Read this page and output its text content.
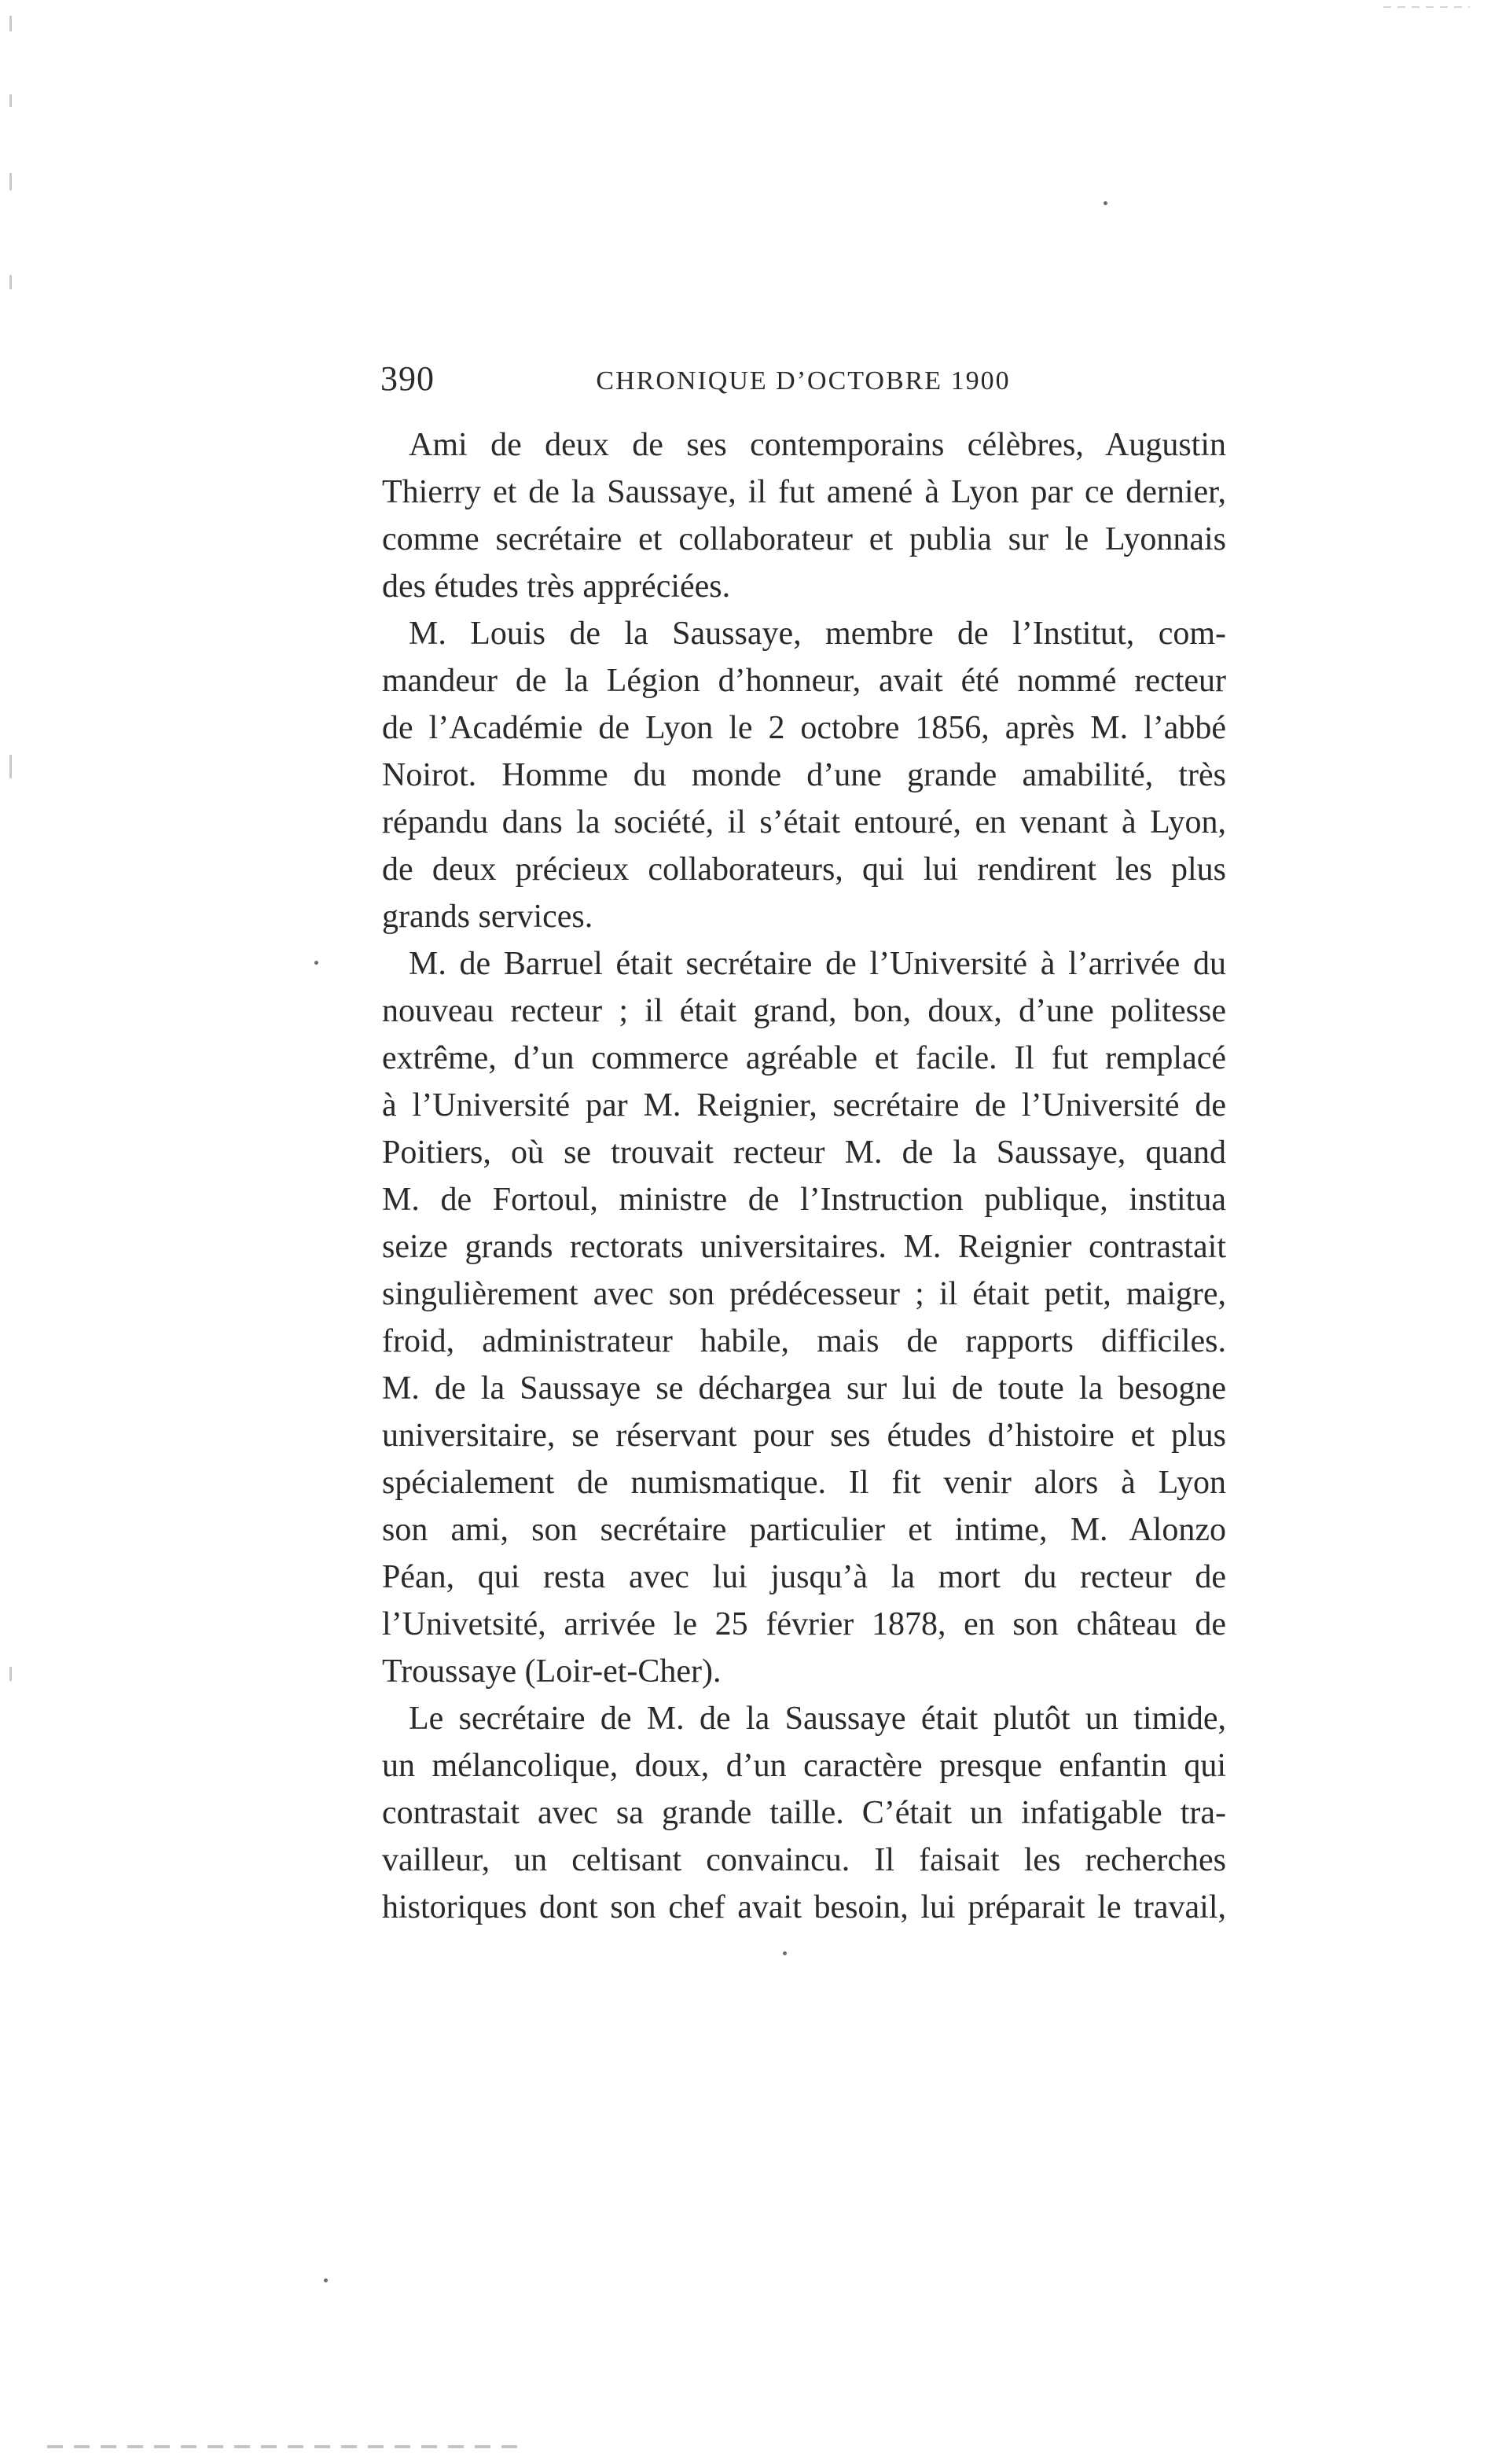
390	CHRONIQUE D’OCTOBRE 1900

Ami de deux de ses contemporains célèbres, Augustin
Thierry et de la Saussaye, il fut amené à Lyon par ce dernier,
comme secrétaire et collaborateur et publia sur le Lyonnais
des études très appréciées.

M. Louis de la Saussaye, membre de l’Institut, com-
mandeur de la Légion d’honneur, avait été nommé recteur
de l’Académie de Lyon le 2 octobre 1856, après M. l’abbé
Noirot. Homme du monde d’une grande amabilité, très
répandu dans la société, il s’était entouré, en venant à Lyon,
de deux précieux collaborateurs, qui lui rendirent les plus
grands services.

M. de Barruel était secrétaire de l’Université à l’arrivée du
nouveau recteur ; il était grand, bon, doux, d’une politesse
extrême, d’un commerce agréable et facile. Il fut remplacé
à l’Université par M. Reignier, secrétaire de l’Université de
Poitiers, où se trouvait recteur M. de la Saussaye, quand
M. de Fortoul, ministre de l’Instruction publique, institua
seize grands rectorats universitaires. M. Reignier contrastait
singulièrement avec son prédécesseur ; il était petit, maigre,
froid, administrateur habile, mais de rapports difficiles.
M. de la Saussaye se déchargea sur lui de toute la besogne
universitaire, se réservant pour ses études d’histoire et plus
spécialement de numismatique. Il fit venir alors à Lyon
son ami, son secrétaire particulier et intime, M. Alonzo
Péan, qui resta avec lui jusqu’à la mort du recteur de
l’Univetsité, arrivée le 25 février 1878, en son château de
Troussaye (Loir-et-Cher).

Le secrétaire de M. de la Saussaye était plutôt un timide,
un mélancolique, doux, d’un caractère presque enfantin qui
contrastait avec sa grande taille. C’était un infatigable tra-
vailleur, un celtisant convaincu. Il faisait les recherches
historiques dont son chef avait besoin, lui préparait le travail,
